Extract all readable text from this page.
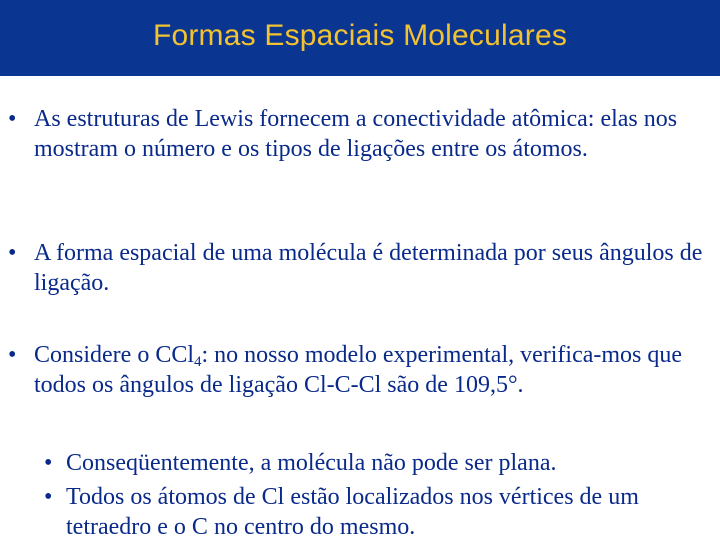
Formas Espaciais Moleculares
• As estruturas de Lewis fornecem a conectividade atômica: elas nos mostram o número e os tipos de ligações entre os átomos.
• A forma espacial de uma molécula é determinada por seus ângulos de ligação.
• Considere o CCl$_4$: no nosso modelo experimental, verifica-mos que todos os ângulos de ligação Cl-C-Cl são de 109,5°.
• Conseqüentemente, a molécula não pode ser plana.
• Todos os átomos de Cl estão localizados nos vértices de um tetraedro e o C no centro do mesmo.
